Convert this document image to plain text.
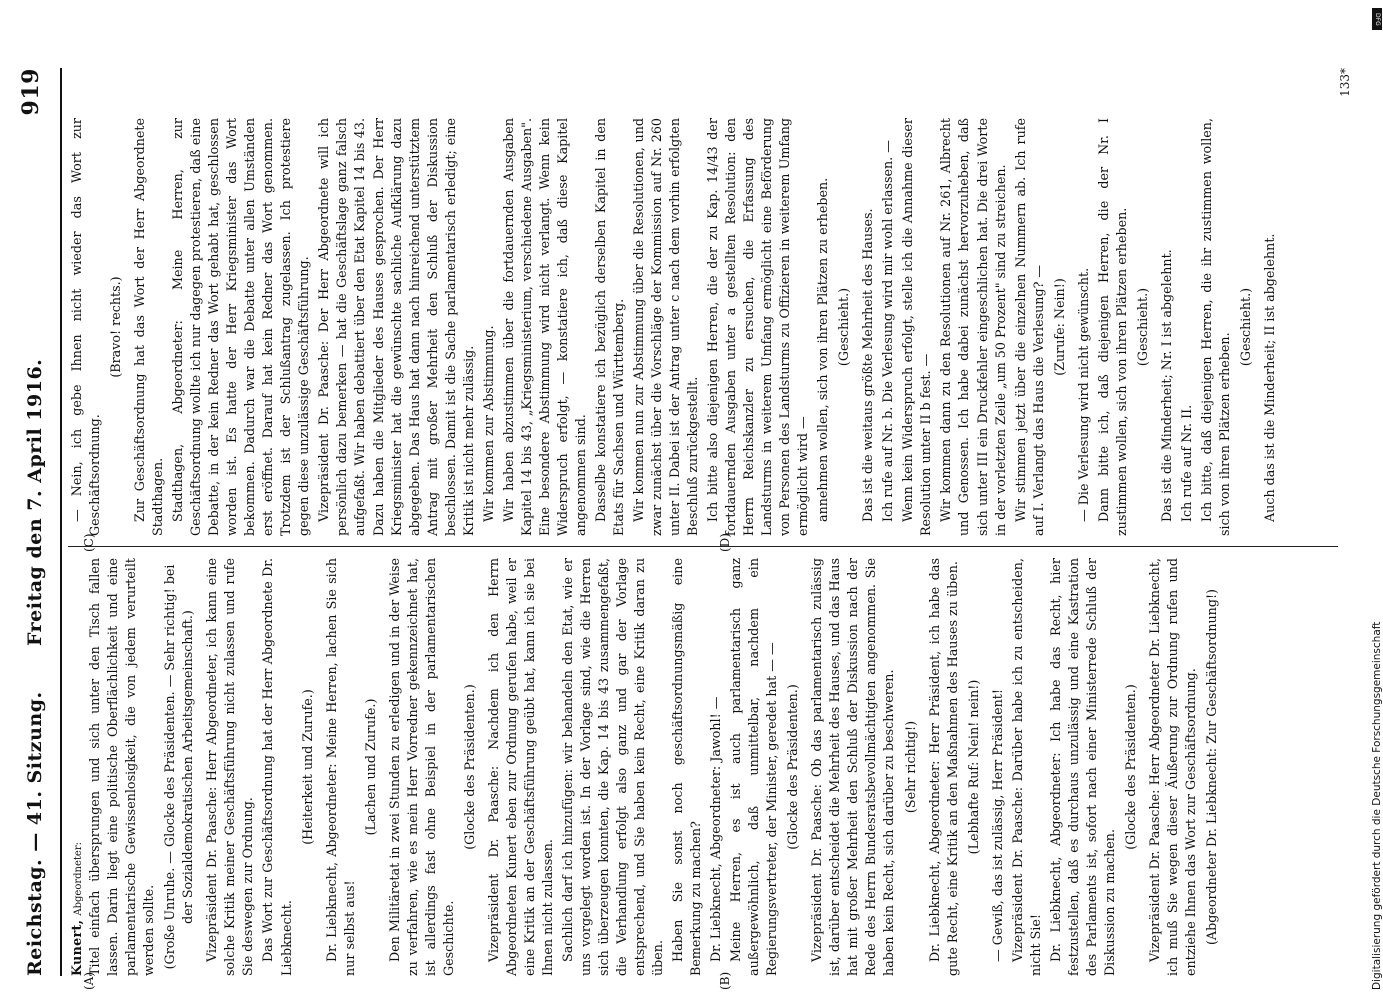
Reichstag. — 41. Sitzung.
Freitag den 7. April 1916.
919

Kunert, Abgeordneter: Titel einfach übersprungen und sich unter den Tisch fallen lassen. Darin liegt eine politische Oberflächlichkeit und eine parlamentarische Gewissenlosigkeit, die von jedem verurteilt werden sollte. (Große Unruhe. — Glocke des Präsidenten. — Sehr richtig! bei der Sozialdemokratischen Arbeitsgemeinschaft.) Vizepräsident Dr. Paasche: Herr Abgeordneter, ich kann eine solche Kritik meiner Geschäftsführung nicht zulassen und rufe Sie deswegen zur Ordnung. Das Wort zur Geschäftsordnung hat der Herr Abgeordnete Dr. Liebknecht.

(Heiterkeit und Zurufe.) Dr. Liebknecht, Abgeordneter: Meine Herren, lachen Sie sich nur selbst aus!

(Lachen und Zurufe.) Den Militäretat in zwei Stunden zu erledigen und in der Weise zu verfahren, wie es mein Herr Vorredner gekennzeichnet hat, ist allerdings fast ohne Beispiel in der parlamentarischen Geschichte.

(Glocke des Präsidenten.) Vizepräsident Dr. Paasche: Nachdem ich den Herrn Abgeordneten Kunert eben zur Ordnung gerufen habe, weil er eine Kritik an der Geschäftsführung geübt hat, kann ich sie bei Ihnen nicht zulassen. Sachlich darf ich hinzufügen: wir behandeln den Etat, wie er uns vorgelegt worden ist. In der Vorlage sind, wie die Herren sich überzeugen konnten, die Kap. 14 bis 43 zusammengefaßt, die Verhandlung erfolgt also ganz und gar der Vorlage entsprechend, und Sie haben kein Recht, eine Kritik daran zu üben. Haben Sie sonst noch geschäftsordnungsmäßig eine Bemerkung zu machen? Dr. Liebknecht, Abgeordneter: Jawohl! — Meine Herren, es ist auch parlamentarisch ganz außergewöhnlich, daß unmittelbar, nachdem ein Regierungsvertreter, der Minister, geredet hat — — (Glocke des Präsidenten.) Vizepräsident Dr. Paasche: Ob das parlamentarisch zulässig ist, darüber entscheidet die Mehrheit des Hauses, und das Haus hat mit großer Mehrheit den Schluß der Diskussion nach der Rede des Herrn Bundesratsbevollmächtigten angenommen. Sie haben kein Recht, sich darüber zu beschweren. (Sehr richtig!) Dr. Liebknecht, Abgeordneter: Herr Präsident, ich habe das gute Recht, eine Kritik an den Maßnahmen des Hauses zu üben. (Lebhafte Ruf: Nein! nein!) — Gewiß, das ist zulässig, Herr Präsident! Vizepräsident Dr. Paasche: Darüber habe ich zu entscheiden, nicht Sie! Dr. Liebknecht, Abgeordneter: Ich habe das Recht, hier festzustellen, daß es durchaus unzulässig und eine Kastration des Parlaments ist, sofort nach einer Ministerrede Schluß der Diskussion zu machen.

(Glocke des Präsidenten.) Vizepräsident Dr. Paasche: Herr Abgeordneter Dr. Liebknecht, ich muß Sie wegen dieser Äußerung zur Ordnung rufen und entziehe Ihnen das Wort zur Geschäftsordnung. (Abgeordneter Dr. Liebknecht: Zur Geschäftsordnung!)

— Nein, ich gebe Ihnen nicht wieder das Wort zur Geschäftsordnung.

(Bravo! rechts.) Zur Geschäftsordnung hat das Wort der Herr Abgeordnete Stadthagen. Stadthagen, Abgeordneter: Meine Herren, zur Geschäftsordnung wollte ich nur dagegen protestieren, daß eine Debatte, in der kein Redner das Wort gehabt hat, geschlossen worden ist. Es hatte der Herr Kriegsminister das Wort bekommen. Dadurch war die Debatte unter allen Umständen erst eröffnet. Darauf hat kein Redner das Wort genommen. Trotzdem ist der Schlußantrag zugelassen. Ich protestiere gegen diese unzulässige Geschäftsführung. Vizepräsident Dr. Paasche: Der Herr Abgeordnete will ich persönlich dazu bemerken — hat die Geschäftslage ganz falsch aufgefaßt. Wir haben debattiert über den Etat Kapitel 14 bis 43. Dazu haben die Mitglieder des Hauses gesprochen. Der Herr Kriegsminister hat die gewünschte sachliche Aufklärung dazu abgegeben. Das Haus hat dann nach hinreichend unterstütztem Antrag mit großer Mehrheit den Schluß der Diskussion beschlossen. Damit ist die Sache parlamentarisch erledigt; eine Kritik ist nicht mehr zulässig. Wir kommen zur Abstimmung. Wir haben abzustimmen über die fortdauernden Ausgaben Kapitel 14 bis 43, „Kriegsministerium, verschiedene Ausgaben". Eine besondere Abstimmung wird nicht verlangt. Wenn kein Widerspruch erfolgt, — konstatiere ich, daß diese Kapitel angenommen sind. Dasselbe konstatiere ich bezüglich derselben Kapitel in den Etats für Sachsen und Württemberg. Wir kommen nun zur Abstimmung über die Resolutionen, und zwar zunächst über die Vorschläge der Kommission auf Nr. 260 unter II. Dabei ist der Antrag unter c nach dem vorhin erfolgten Beschluß zurückgestellt. Ich bitte also diejenigen Herren, die der zu Kap. 14/43 der fortdauernden Ausgaben unter a gestellten Resolution: den Herrn Reichskanzler zu ersuchen, die Erfassung des Landsturms in weiterem Umfang ermöglicht eine Beförderung von Personen des Landsturms zu Offizieren in weiterem Umfang ermöglicht wird — annehmen wollen, sich von ihren Plätzen zu erheben. (Geschieht.) Das ist die weitaus größte Mehrheit des Hauses. Ich rufe auf Nr. b. Die Verlesung wird mir wohl erlassen. — Wenn kein Widerspruch erfolgt, stelle ich die Annahme dieser Resolution unter II b fest. — Wir kommen dann zu den Resolutionen auf Nr. 261, Albrecht und Genossen. Ich habe dabei zunächst hervorzuheben, daß sich unter III ein Druckfehler eingeschlichen hat. Die drei Worte in der vorletzten Zeile „um 50 Prozent" sind zu streichen. Wir stimmen jetzt über die einzelnen Nummern ab. Ich rufe auf I. Verlangt das Haus die Verlesung? — (Zurufe: Nein!) — Die Verlesung wird nicht gewünscht. Dann bitte ich, daß diejenigen Herren, die der Nr. I zustimmen wollen, sich von ihren Plätzen erheben. (Geschieht.) Das ist die Minderheit; Nr. I ist abgelehnt. Ich rufe auf Nr. II. Ich bitte, daß diejenigen Herren, die ihr zustimmen wollen, sich von ihren Plätzen erheben.

(Geschieht.) Auch das ist die Minderheit; II ist abgelehnt.

(A)	(B)
(C)	(D)
133*
Digitalisierung gefördert durch die Deutsche Forschungsgemeinschaft
DFG
